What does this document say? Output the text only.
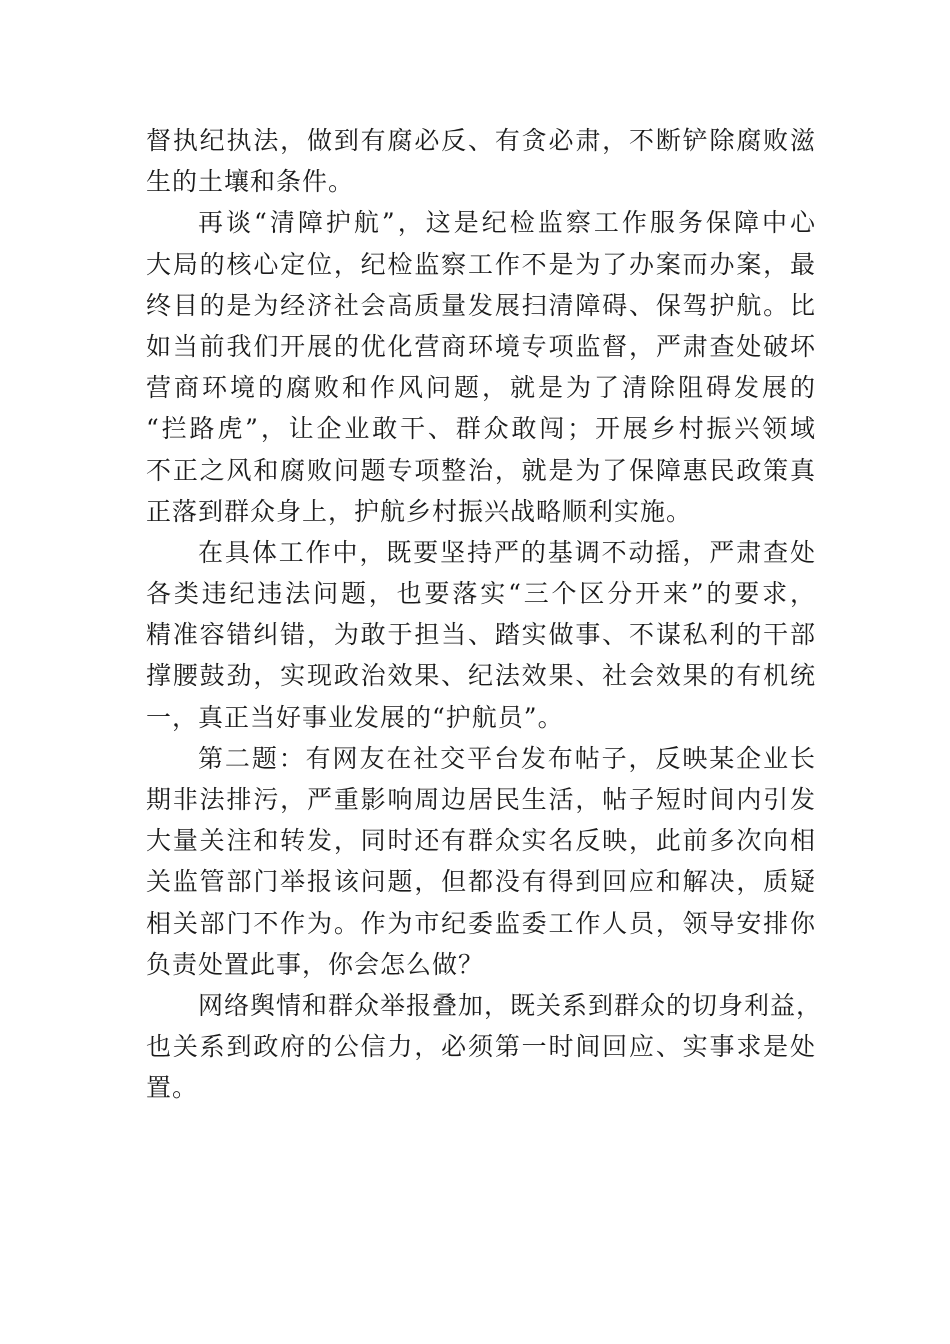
督执纪执法，做到有腐必反、有贪必肃，不断铲除腐败滋
生的土壤和条件。
再谈“清障护航”，这是纪检监察工作服务保障中心
大局的核心定位，纪检监察工作不是为了办案而办案，最
终目的是为经济社会高质量发展扫清障碍、保驾护航。比
如当前我们开展的优化营商环境专项监督，严肃查处破坏
营商环境的腐败和作风问题，就是为了清除阻碍发展的
“拦路虎”，让企业敢干、群众敢闯；开展乡村振兴领域
不正之风和腐败问题专项整治，就是为了保障惠民政策真
正落到群众身上，护航乡村振兴战略顺利实施。
在具体工作中，既要坚持严的基调不动摇，严肃查处
各类违纪违法问题，也要落实“三个区分开来”的要求，
精准容错纠错，为敢于担当、踏实做事、不谋私利的干部
撑腰鼓劲，实现政治效果、纪法效果、社会效果的有机统
一，真正当好事业发展的“护航员”。
第二题：有网友在社交平台发布帖子，反映某企业长
期非法排污，严重影响周边居民生活，帖子短时间内引发
大量关注和转发，同时还有群众实名反映，此前多次向相
关监管部门举报该问题，但都没有得到回应和解决，质疑
相关部门不作为。作为市纪委监委工作人员，领导安排你
负责处置此事，你会怎么做？
网络舆情和群众举报叠加，既关系到群众的切身利益，
也关系到政府的公信力，必须第一时间回应、实事求是处
置。
